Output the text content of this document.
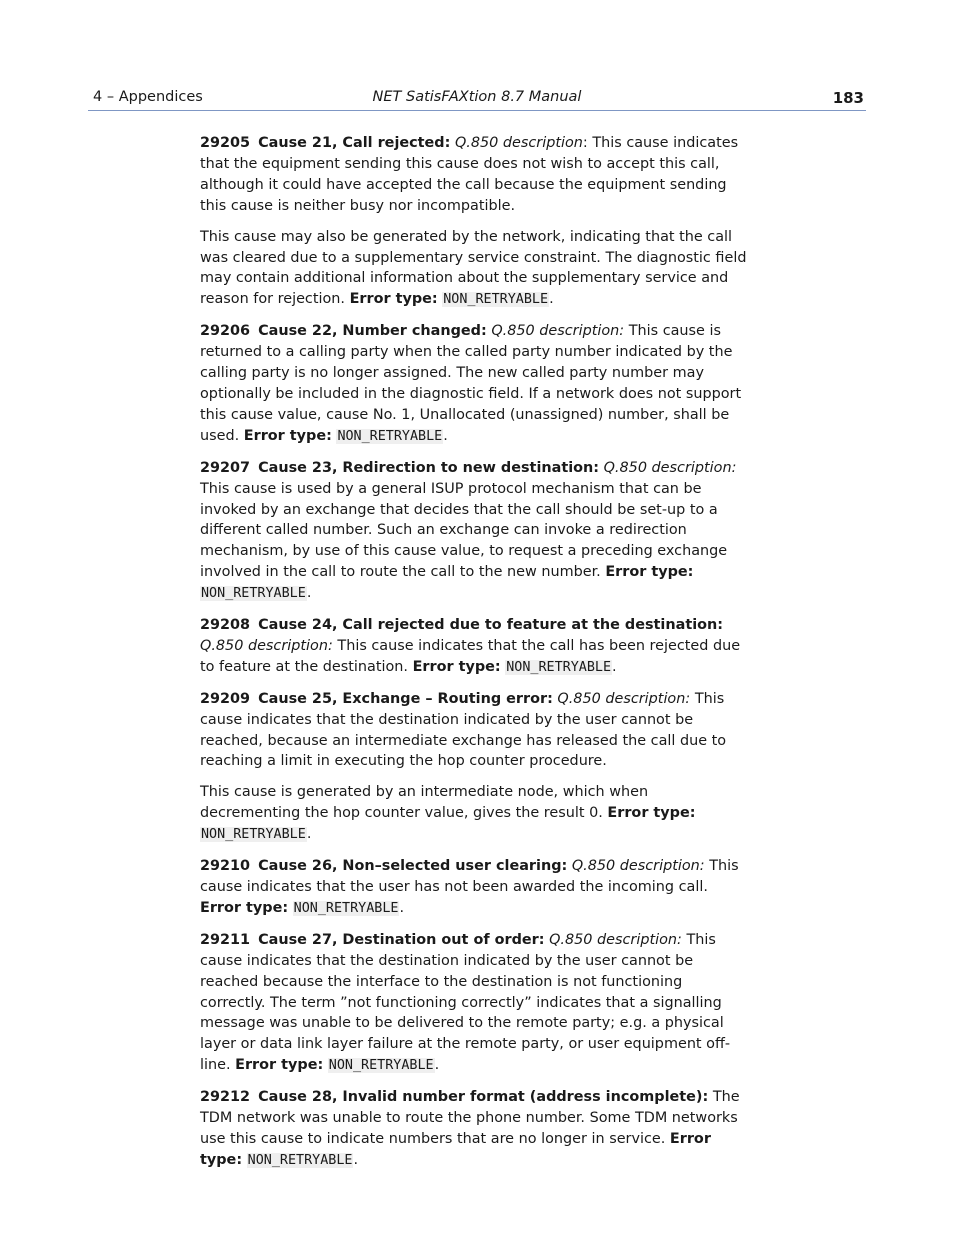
4 – Appendices	NET SatisFAXtion 8.7 Manual	183

29205 Cause 21, Call rejected: Q.850 description: This cause indicates that the equipment sending this cause does not wish to accept this call, although it could have accepted the call because the equipment sending this cause is neither busy nor incompatible.

This cause may also be generated by the network, indicating that the call was cleared due to a supplementary service constraint. The diagnostic field may contain additional information about the supplementary service and reason for rejection. Error type: NON_RETRYABLE.

29206 Cause 22, Number changed: Q.850 description: This cause is returned to a calling party when the called party number indicated by the calling party is no longer assigned. The new called party number may optionally be included in the diagnostic field. If a network does not support this cause value, cause No. 1, Unallocated (unassigned) number, shall be used. Error type: NON_RETRYABLE.

29207 Cause 23, Redirection to new destination: Q.850 description: This cause is used by a general ISUP protocol mechanism that can be invoked by an exchange that decides that the call should be set-up to a different called number. Such an exchange can invoke a redirection mechanism, by use of this cause value, to request a preceding exchange involved in the call to route the call to the new number. Error type: NON_RETRYABLE.

29208 Cause 24, Call rejected due to feature at the destination: Q.850 description: This cause indicates that the call has been rejected due to feature at the destination. Error type: NON_RETRYABLE.

29209 Cause 25, Exchange – Routing error: Q.850 description: This cause indicates that the destination indicated by the user cannot be reached, because an intermediate exchange has released the call due to reaching a limit in executing the hop counter procedure.

This cause is generated by an intermediate node, which when decrementing the hop counter value, gives the result 0. Error type: NON_RETRYABLE.

29210 Cause 26, Non–selected user clearing: Q.850 description: This cause indicates that the user has not been awarded the incoming call. Error type: NON_RETRYABLE.

29211 Cause 27, Destination out of order: Q.850 description: This cause indicates that the destination indicated by the user cannot be reached because the interface to the destination is not functioning correctly. The term ”not functioning correctly” indicates that a signalling message was unable to be delivered to the remote party; e.g. a physical layer or data link layer failure at the remote party, or user equipment off-line. Error type: NON_RETRYABLE.

29212 Cause 28, Invalid number format (address incomplete): The TDM network was unable to route the phone number. Some TDM networks use this cause to indicate numbers that are no longer in service. Error type: NON_RETRYABLE.
